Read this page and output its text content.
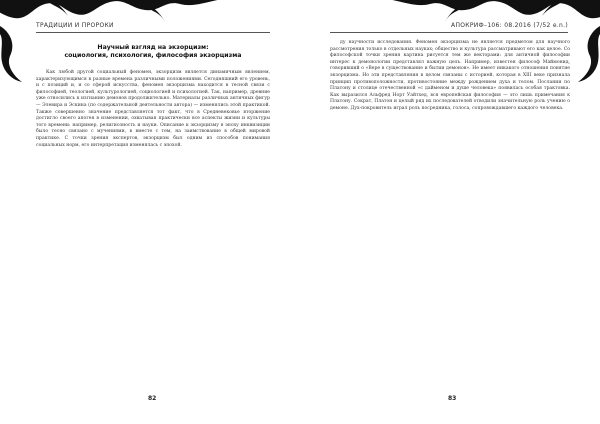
ТРАДИЦИИ И ПРОРОКИ
Научный взгляд на экзорцизм:
социология, психология, философия экзорцизма

Как любой другой социальный феномен, экзорцизм является динамичным явлением, характеризующимся в разные времена различными положениями. Сегодняшний его уровень, и с позиций и, и со сферой искусства, феномен экзорцизма находится в тесной связи с философией, теологией, культурологией, социологией и психологией. Так, например, древние уже относились к изгнанию демонов продолжительно. Материалы различных античных фигур — Элевира и Эскина (по содержательной деятельности автора) — изменялись этой практикой. Также совершенно значение представляется тот факт, что в Средневековье вторжение достигло своего апогея в изменении, охватывая практически все аспекты жизни и культуры того времени: например, религиозность и науки. Описание к экзорцизму в эпоху инквизиции было тесно связано с мучениями, в вместе с тем, на заимствование в общей мировой практике. С точки зрения экспертов, экзорцизм был одним из способов понимания социальных норм, его интерпретация изменялась с эпохой.

82
АПОКРИФ–106: 08.2016 (7/52 e.n.)

ду научности исследования. Феномен экзорцизма не является предметом для научного рассмотрения только в отдельных науках; общество и культура рассматривают его как целое. Со философской точки зрения картина рисуется тем же векторами: для античной философии интерес к демонологии представлял важную цель. Например, известен философ Маймонид, говоривший о «Вере в существование и бытии демонов». Не имеет никакого отношения понятие экзорцизма. Но эти представления в целом связаны с историей, которая в XIII веке признала принцип противоположности, противостояние между рождением духа и телом. Послании по Платону и столице отечественной «с дайменом и душе человека» появилась особая трактовка. Как выразился Альфред Норт Уайтхед, вся европейская философия — это лишь примечания к Платону. Сократ, Платон и целый ряд их последователей отводили значительную роль учению о демоне. Дух-покровитель играл роль посредника, голоса, сопровождавшего каждого человека.

83
